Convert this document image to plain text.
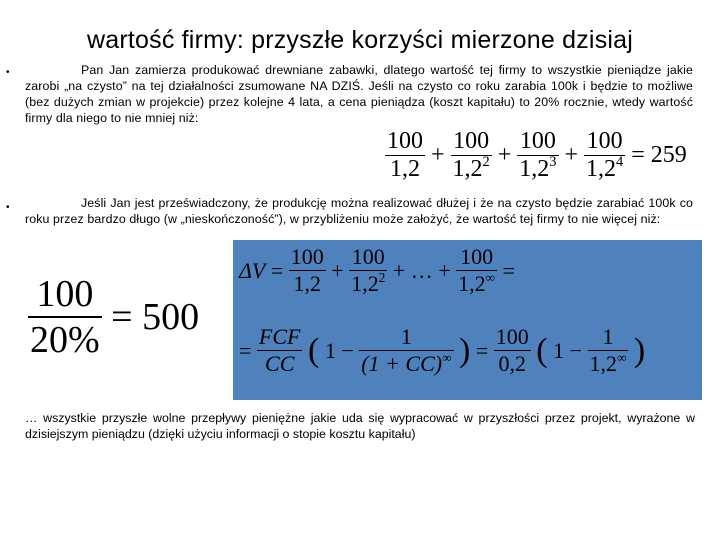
wartość firmy: przyszłe korzyści mierzone dzisiaj
•	Pan Jan zamierza produkować drewniane zabawki, dlatego wartość tej firmy to wszystkie pieniądze jakie zarobi „na czysto” na tej działalności zsumowane NA DZIŚ. Jeśli na czysto co roku zarabia 100k i będzie to możliwe (bez dużych zmian w projekcie) przez kolejne 4 lata, a cena pieniądza (koszt kapitału) to 20% rocznie, wtedy wartość firmy dla niego to nie mniej niż:
$\frac{100}{1,2} + \frac{100}{1,2^2} + \frac{100}{1,2^3} + \frac{100}{1,2^4} = 259$
•	Jeśli Jan jest przeświadczony, że produkcję można realizować dłużej i że na czysto będzie zarabiać 100k co roku przez bardzo długo (w „nieskończoność”), w przybliżeniu może założyć, że wartość tej firmy to nie więcej niż:
$\frac{100}{20\%} = 500$
$\Delta V = \frac{100}{1,2} + \frac{100}{1,2^2}$ + … + $\frac{100}{1,2^\infty}$ =
= $\frac{\text{FCF}}{CC}$ ( $1 - \frac{1}{(1 + CC)^\infty}$ ) = $\frac{100}{0,2}$ ( $1 - \frac{1}{1,2^\infty}$ )
… wszystkie przyszłe wolne przepływy pieniężne jakie uda się wypracować w przyszłości przez projekt, wyrażone w dzisiejszym pieniądzu (dzięki użyciu informacji o stopie kosztu kapitału)
